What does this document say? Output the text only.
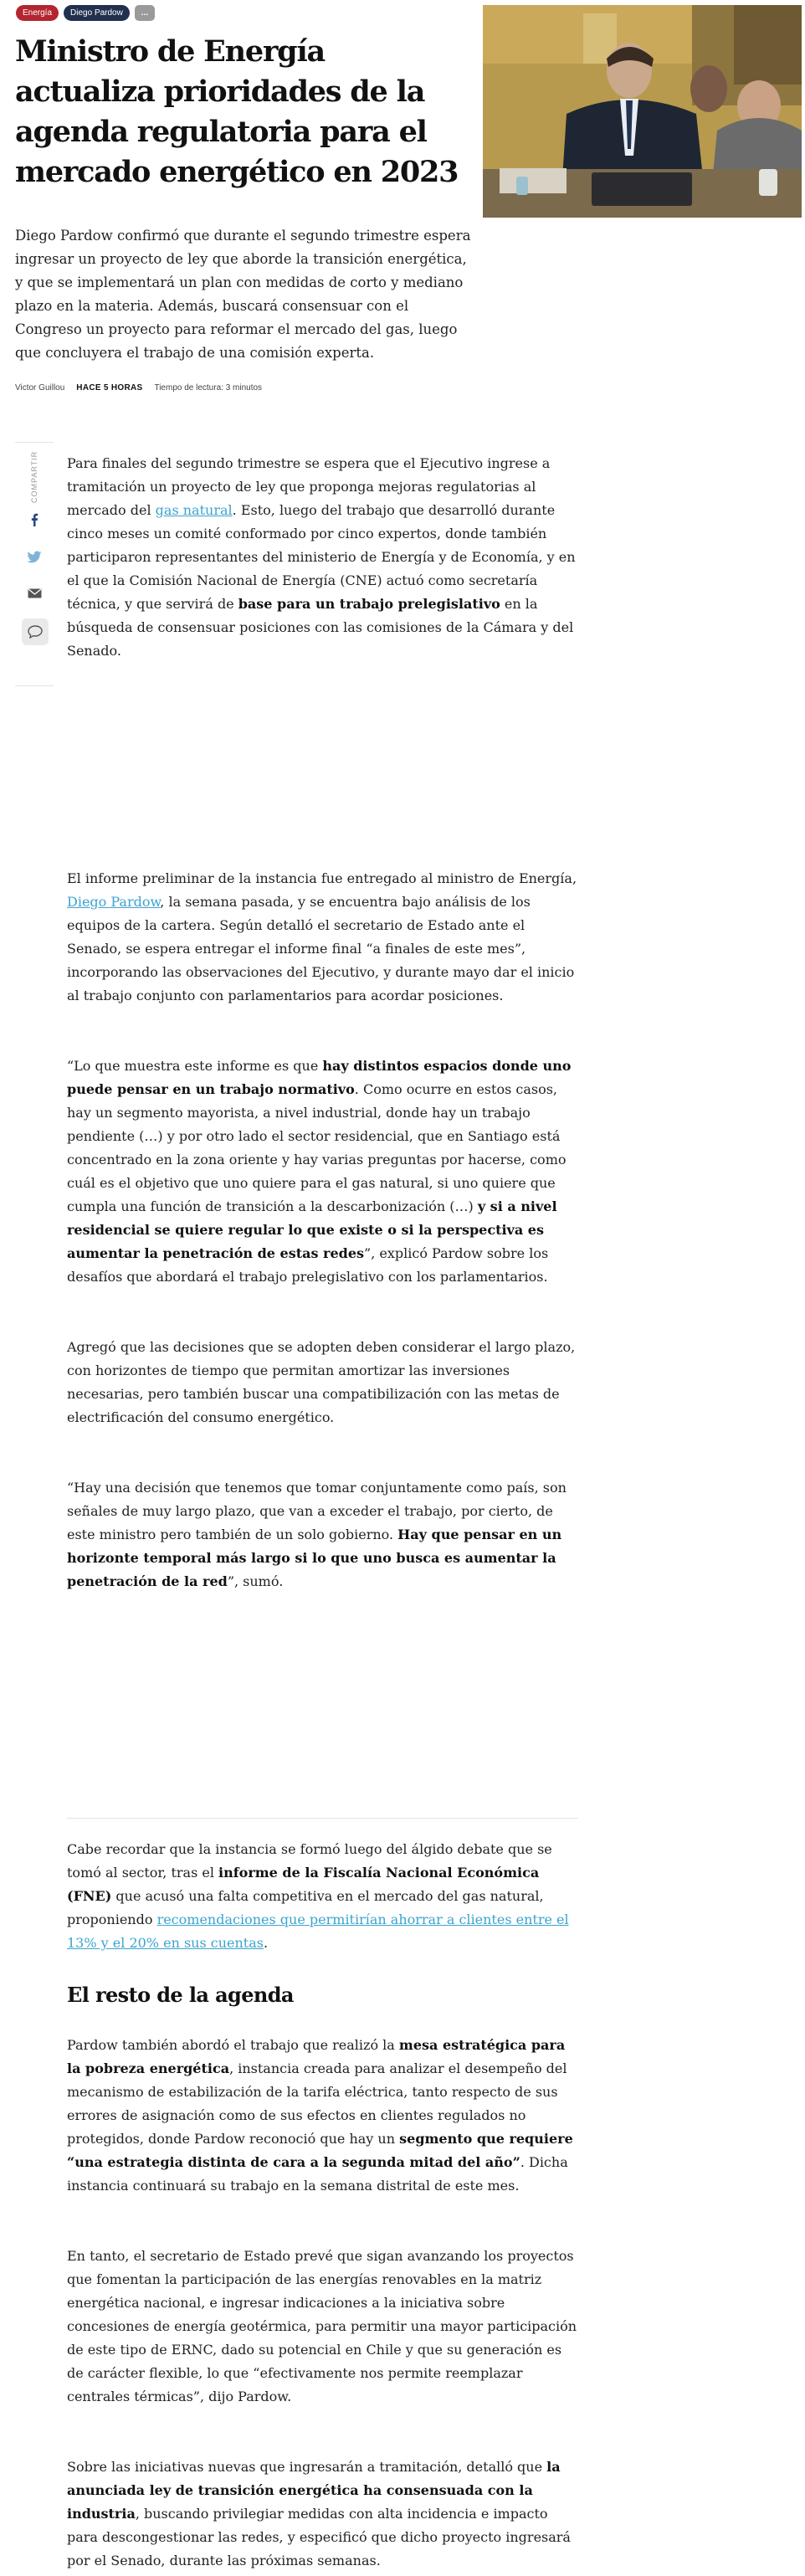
Energía	Diego Pardow	...
Ministro de Energía actualiza prioridades de la agenda regulatoria para el mercado energético en 2023

Diego Pardow confirmó que durante el segundo trimestre espera ingresar un proyecto de ley que aborde la transición energética, y que se implementará un plan con medidas de corto y mediano plazo en la materia. Además, buscará consensuar con el Congreso un proyecto para reformar el mercado del gas, luego que concluyera el trabajo de una comisión experta.

Victor Guillou HACE 5 HORAS Tiempo de lectura: 3 minutos
COMPARTIR Para finales del segundo trimestre se espera que el Ejecutivo ingrese a tramitación un proyecto de ley que proponga mejoras regulatorias al mercado del gas natural. Esto, luego del trabajo que desarrolló durante cinco meses un comité conformado por cinco expertos, donde también participaron representantes del ministerio de Energía y de Economía, y en el que la Comisión Nacional de Energía (CNE) actuó como secretaría técnica, y que servirá de base para un trabajo prelegislativo en la búsqueda de consensuar posiciones con las comisiones de la Cámara y del Senado.

El informe preliminar de la instancia fue entregado al ministro de Energía, Diego Pardow, la semana pasada, y se encuentra bajo análisis de los equipos de la cartera. Según detalló el secretario de Estado ante el Senado, se espera entregar el informe final “a finales de este mes”, incorporando las observaciones del Ejecutivo, y durante mayo dar el inicio al trabajo conjunto con parlamentarios para acordar posiciones.

“Lo que muestra este informe es que hay distintos espacios donde uno puede pensar en un trabajo normativo. Como ocurre en estos casos, hay un segmento mayorista, a nivel industrial, donde hay un trabajo pendiente (…) y por otro lado el sector residencial, que en Santiago está concentrado en la zona oriente y hay varias preguntas por hacerse, como cuál es el objetivo que uno quiere para el gas natural, si uno quiere que cumpla una función de transición a la descarbonización (…) y si a nivel residencial se quiere regular lo que existe o si la perspectiva es aumentar la penetración de estas redes”, explicó Pardow sobre los desafíos que abordará el trabajo prelegislativo con los parlamentarios.

Agregó que las decisiones que se adopten deben considerar el largo plazo, con horizontes de tiempo que permitan amortizar las inversiones necesarias, pero también buscar una compatibilización con las metas de electrificación del consumo energético.

“Hay una decisión que tenemos que tomar conjuntamente como país, son señales de muy largo plazo, que van a exceder el trabajo, por cierto, de este ministro pero también de un solo gobierno. Hay que pensar en un horizonte temporal más largo si lo que uno busca es aumentar la penetración de la red”, sumó.

Cabe recordar que la instancia se formó luego del álgido debate que se tomó al sector, tras el informe de la Fiscalía Nacional Económica (FNE) que acusó una falta competitiva en el mercado del gas natural, proponiendo recomendaciones que permitirían ahorrar a clientes entre el 13% y el 20% en sus cuentas.

El resto de la agenda

Pardow también abordó el trabajo que realizó la mesa estratégica para la pobreza energética, instancia creada para analizar el desempeño del mecanismo de estabilización de la tarifa eléctrica, tanto respecto de sus errores de asignación como de sus efectos en clientes regulados no protegidos, donde Pardow reconoció que hay un segmento que requiere “una estrategia distinta de cara a la segunda mitad del año”. Dicha instancia continuará su trabajo en la semana distrital de este mes.

En tanto, el secretario de Estado prevé que sigan avanzando los proyectos que fomentan la participación de las energías renovables en la matriz energética nacional, e ingresar indicaciones a la iniciativa sobre concesiones de energía geotérmica, para permitir una mayor participación de este tipo de ERNC, dado su potencial en Chile y que su generación es de carácter flexible, lo que “efectivamente nos permite reemplazar centrales térmicas”, dijo Pardow.

Sobre las iniciativas nuevas que ingresarán a tramitación, detalló que la anunciada ley de transición energética ha consensuada con la industria, buscando privilegiar medidas con alta incidencia e impacto para descongestionar las redes, y especificó que dicho proyecto ingresará por el Senado, durante las próximas semanas.
